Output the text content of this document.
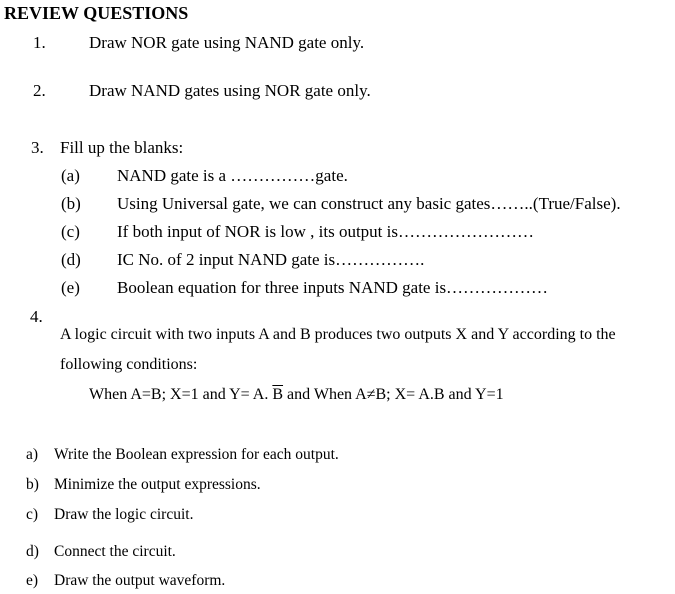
REVIEW QUESTIONS
1.	Draw NOR gate using NAND gate only.
2.	Draw NAND gates using NOR gate only.
3. Fill up the blanks:
(a) NAND gate is a ……………gate.
(b) Using Universal gate, we can construct any basic gates……..(True/False).
(c) If both input of NOR is low , its output is……………………
(d) IC No. of 2 input NAND gate is…………….
(e) Boolean equation for three inputs NAND gate is………………
4.
A logic circuit with two inputs A and B produces two outputs X and Y according to the
following conditions:
When A=B; X=1 and Y= A. $\overline{B}$ and When A≠B; X= A.B and Y=1
a) Write the Boolean expression for each output.
b) Minimize the output expressions.
c) Draw the logic circuit.
d) Connect the circuit.
e) Draw the output waveform.
